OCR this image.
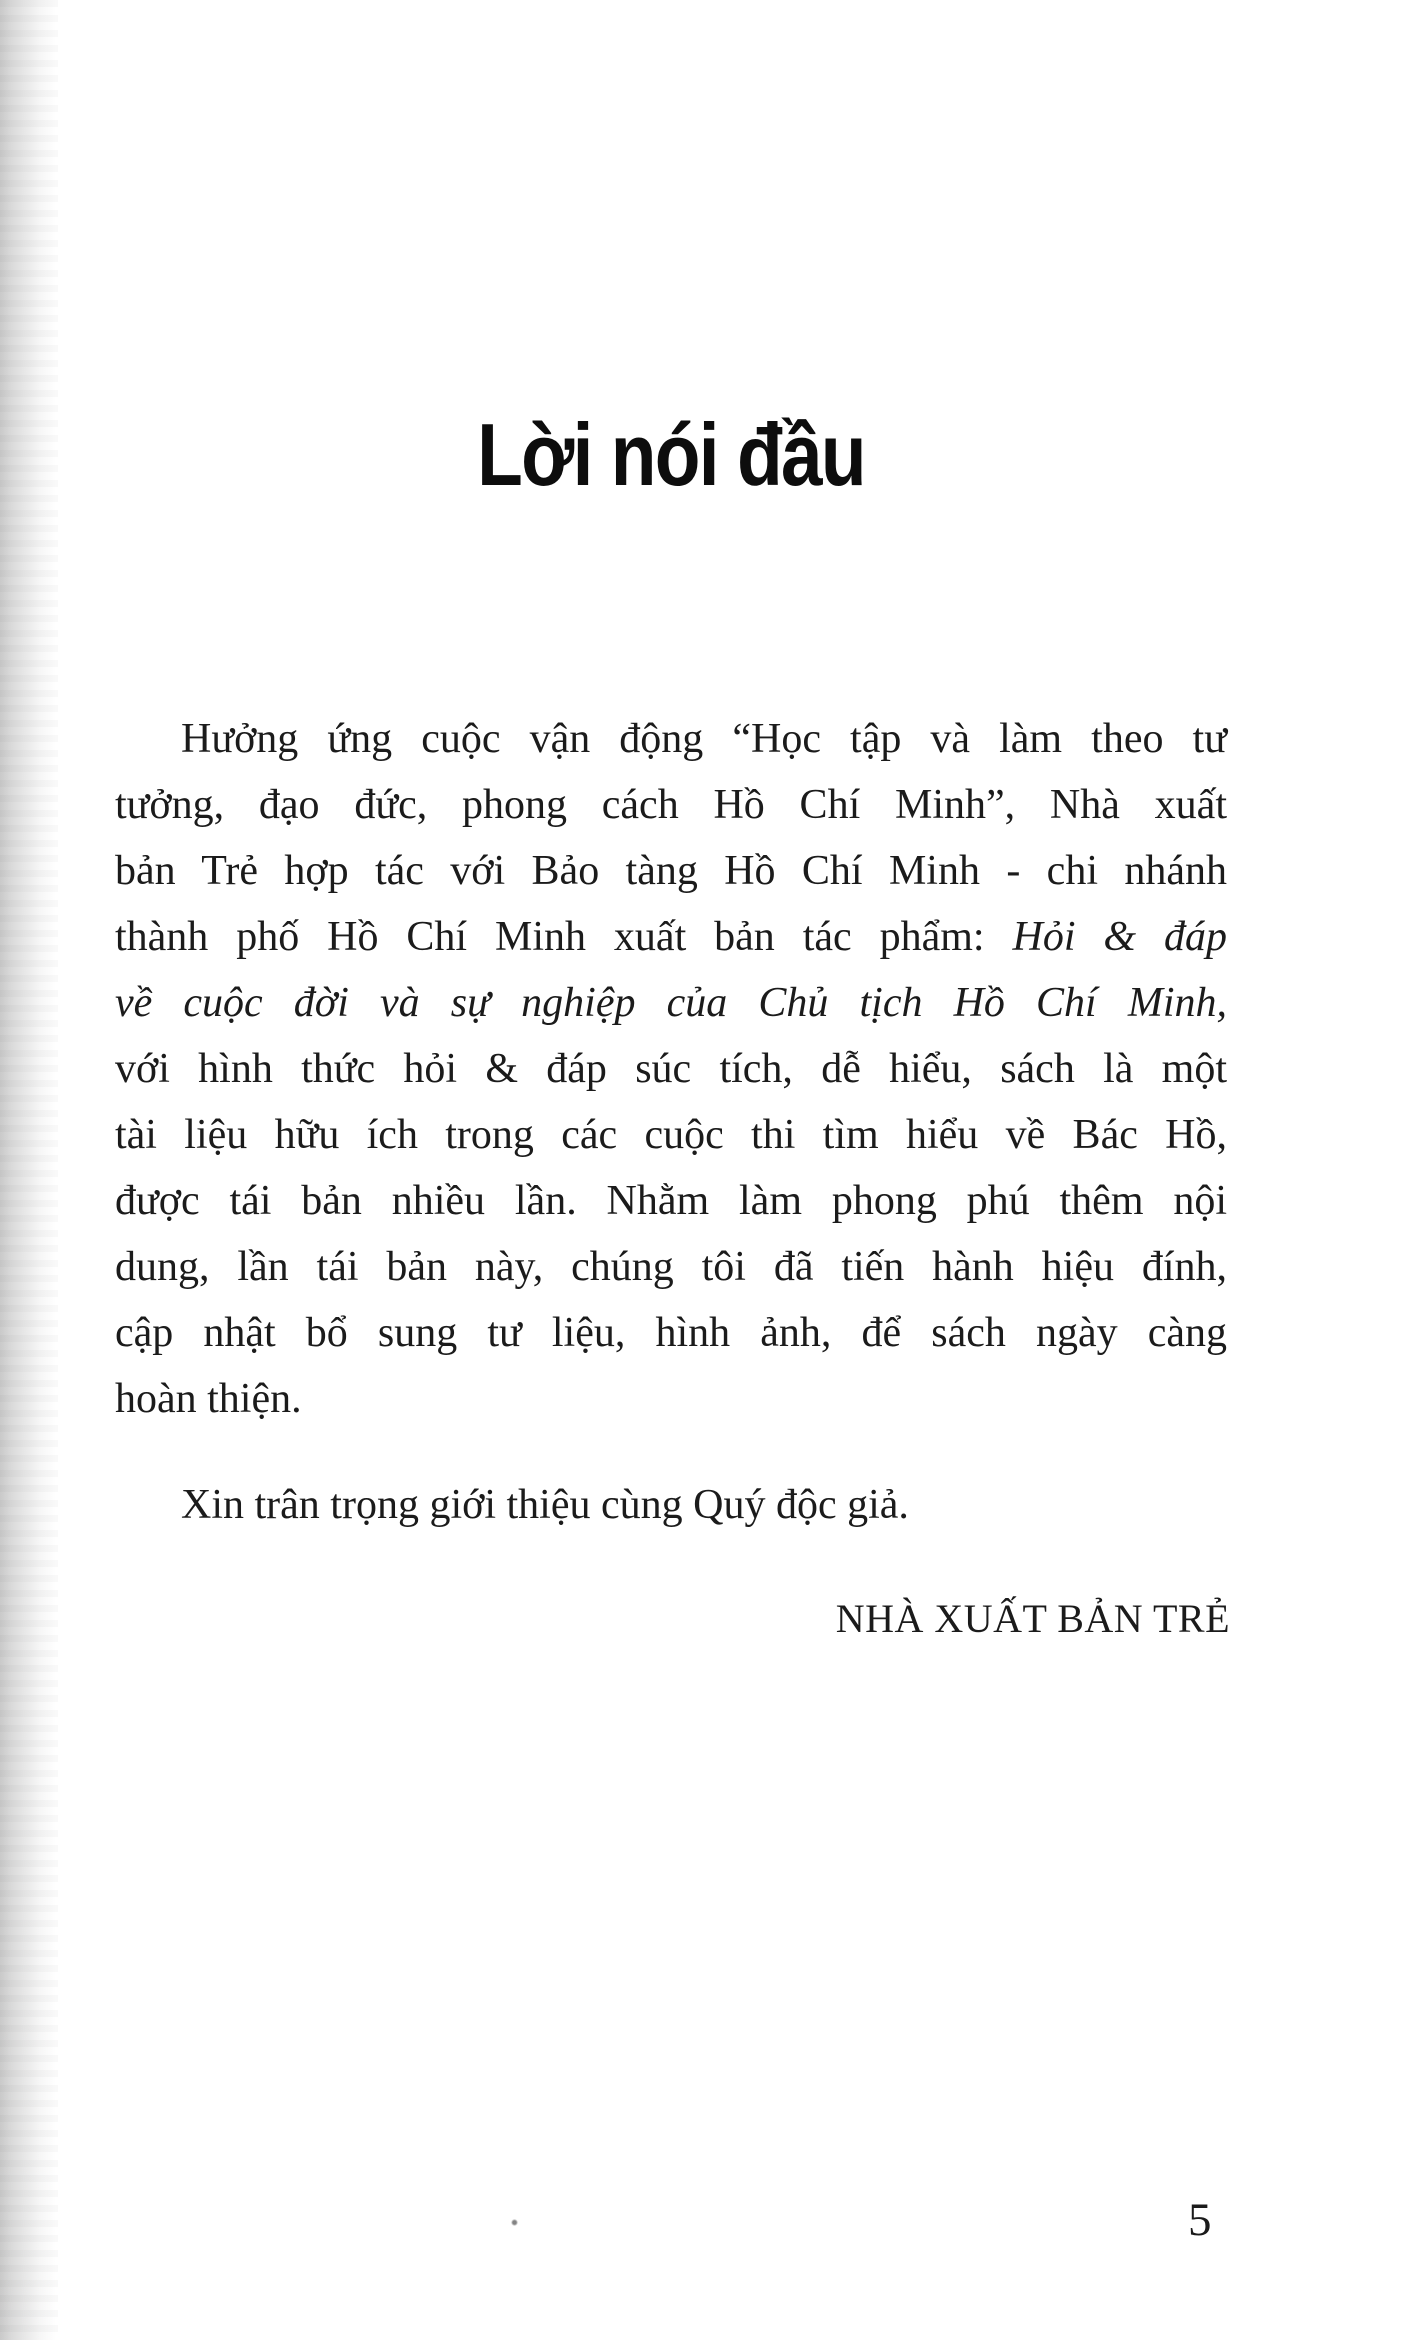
Lời nói đầu
Hưởng ứng cuộc vận động “Học tập và làm theo tư
tưởng, đạo đức, phong cách Hồ Chí Minh”, Nhà xuất
bản Trẻ hợp tác với Bảo tàng Hồ Chí Minh - chi nhánh
thành phố Hồ Chí Minh xuất bản tác phẩm: Hỏi & đáp
về cuộc đời và sự nghiệp của Chủ tịch Hồ Chí Minh,
với hình thức hỏi & đáp súc tích, dễ hiểu, sách là một
tài liệu hữu ích trong các cuộc thi tìm hiểu về Bác Hồ,
được tái bản nhiều lần. Nhằm làm phong phú thêm nội
dung, lần tái bản này, chúng tôi đã tiến hành hiệu đính,
cập nhật bổ sung tư liệu, hình ảnh, để sách ngày càng
hoàn thiện.

Xin trân trọng giới thiệu cùng Quý độc giả.

NHÀ XUẤT BẢN TRẺ
5
